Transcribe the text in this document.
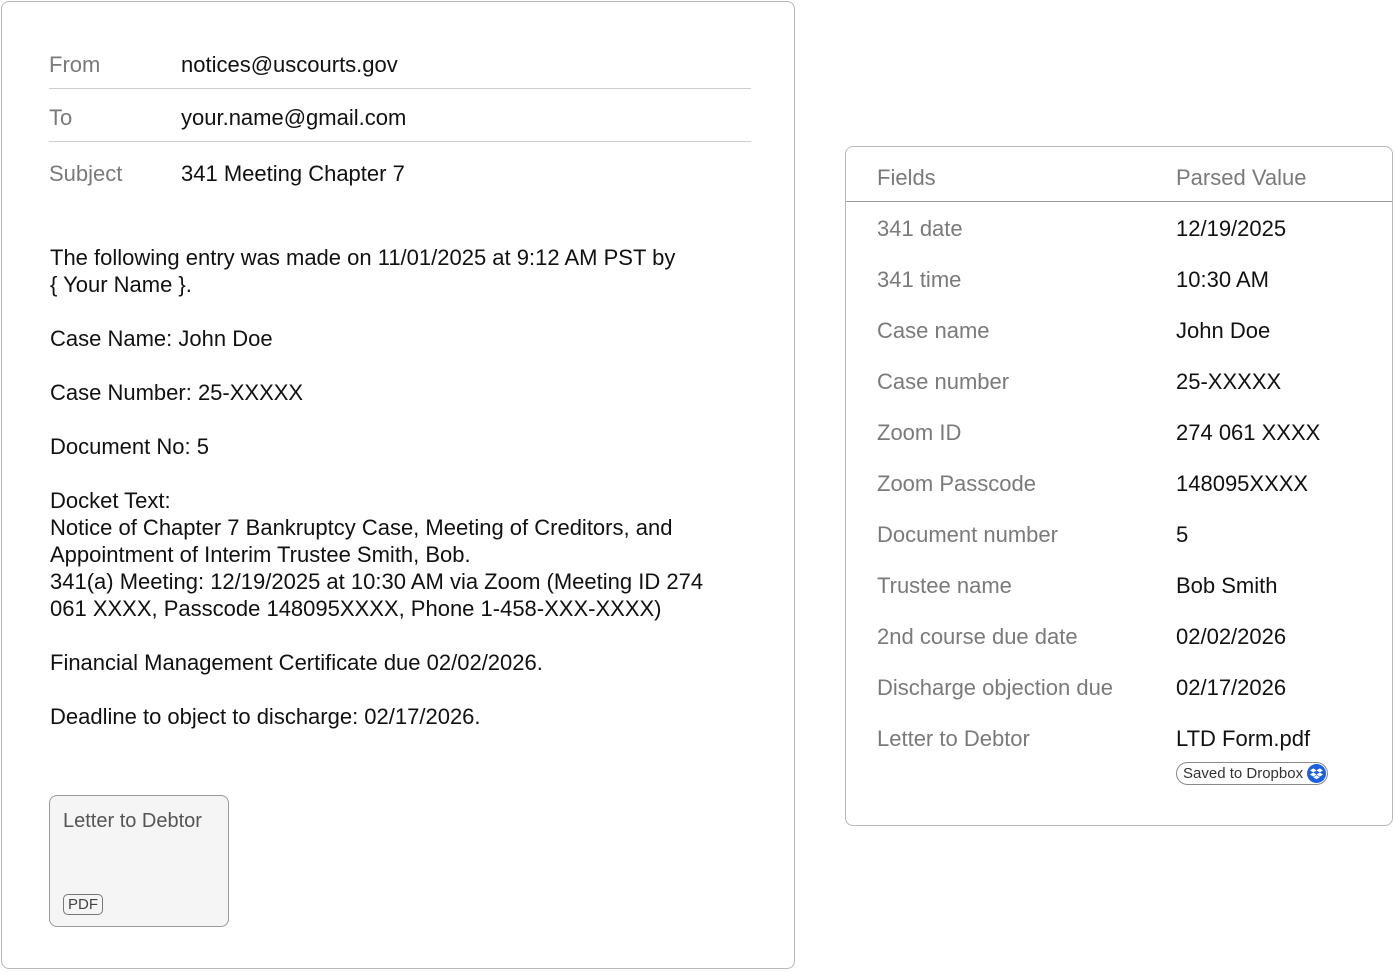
From	notices@uscourts.gov
To	your.name@gmail.com
Subject	341 Meeting Chapter 7

The following entry was made on 11/01/2025 at 9:12 AM PST by
{ Your Name }.

Case Name: John Doe

Case Number: 25-XXXXX

Document No: 5

Docket Text:
Notice of Chapter 7 Bankruptcy Case, Meeting of Creditors, and
Appointment of Interim Trustee Smith, Bob.
341(a) Meeting: 12/19/2025 at 10:30 AM via Zoom (Meeting ID 274
061 XXXX, Passcode 148095XXXX, Phone 1-458-XXX-XXXX)

Financial Management Certificate due 02/02/2026.

Deadline to object to discharge: 02/17/2026.

Letter to Debtor
PDF
Fields	Parsed Value
341 date	12/19/2025
341 time	10:30 AM
Case name	John Doe
Case number	25-XXXXX
Zoom ID	274 061 XXXX
Zoom Passcode	148095XXXX
Document number	5
Trustee name	Bob Smith
2nd course due date	02/02/2026
Discharge objection due	02/17/2026
Letter to Debtor	LTD Form.pdf
Saved to Dropbox
